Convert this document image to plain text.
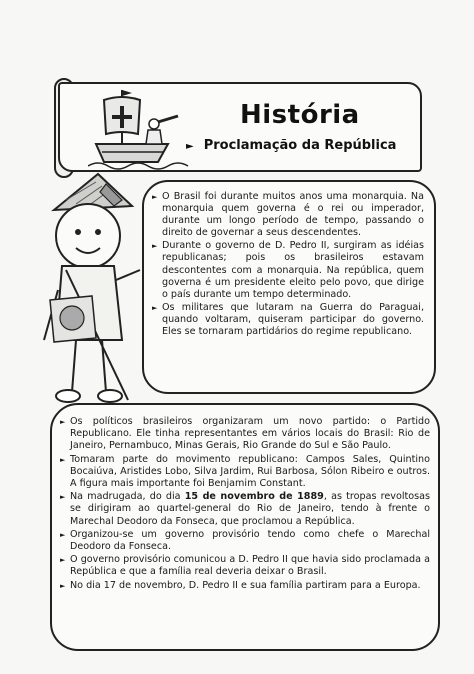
História
► Proclamação da República

► O Brasil foi durante muitos anos uma monarquia. Na monarquia quem governa é o rei ou imperador, durante um longo período de tempo, passando o direito de governar a seus descendentes.

► Durante o governo de D. Pedro II, surgiram as idéias republicanas; pois os brasileiros estavam descontentes com a monarquia. Na república, quem governa é um presidente eleito pelo povo, que dirige o país durante um tempo determinado.

► Os militares que lutaram na Guerra do Paraguai, quando voltaram, quiseram participar do governo. Eles se tornaram partidários do regime republicano.

► Os políticos brasileiros organizaram um novo partido: o Partido Republicano. Ele tinha representantes em vários locais do Brasil: Rio de Janeiro, Pernambuco, Minas Gerais, Rio Grande do Sul e São Paulo.

► Tomaram parte do movimento republicano: Campos Sales, Quintino Bocaiúva, Aristides Lobo, Silva Jardim, Rui Barbosa, Sólon Ribeiro e outros. A figura mais importante foi Benjamim Constant.

► Na madrugada, do dia 15 de novembro de 1889, as tropas revoltosas se dirigiram ao quartel-general do Rio de Janeiro, tendo à frente o Marechal Deodoro da Fonseca, que proclamou a República.

► Organizou-se um governo provisório tendo como chefe o Marechal Deodoro da Fonseca.

► O governo provisório comunicou a D. Pedro II que havia sido proclamada a República e que a família real deveria deixar o Brasil.

► No dia 17 de novembro, D. Pedro II e sua família partiram para a Europa.
